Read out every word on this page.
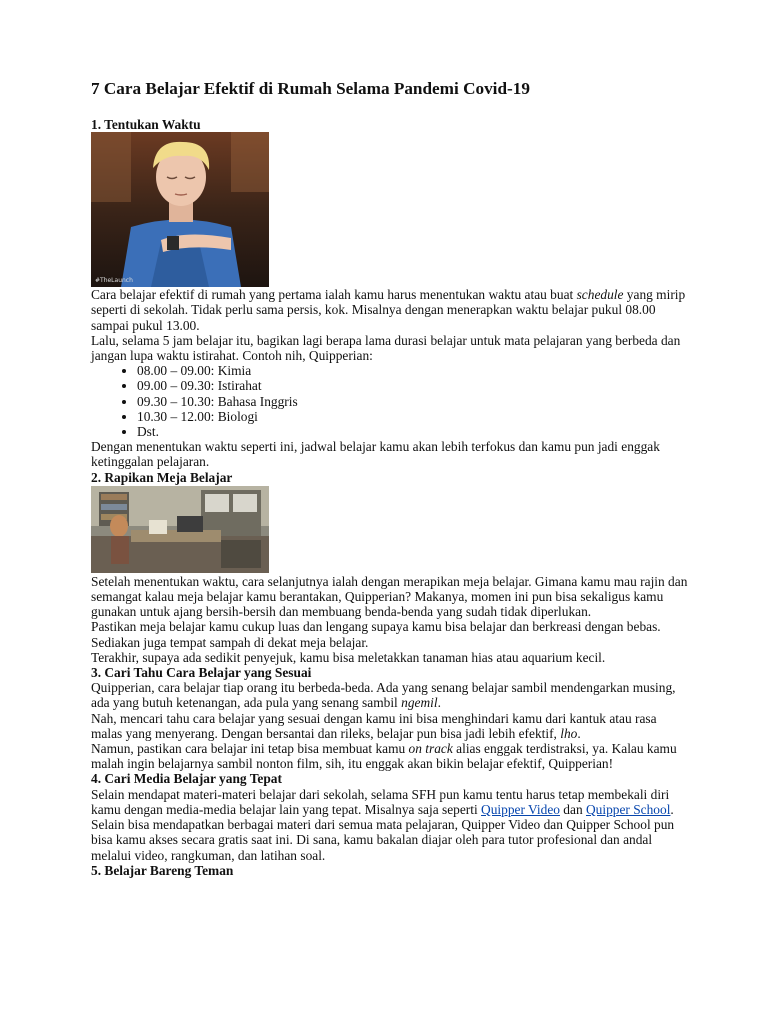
7 Cara Belajar Efektif di Rumah Selama Pandemi Covid-19
1. Tentukan Waktu
#TheLaunch

Cara belajar efektif di rumah yang pertama ialah kamu harus menentukan waktu atau buat schedule yang mirip seperti di sekolah. Tidak perlu sama persis, kok. Misalnya dengan menerapkan waktu belajar pukul 08.00 sampai pukul 13.00.

Lalu, selama 5 jam belajar itu, bagikan lagi berapa lama durasi belajar untuk mata pelajaran yang berbeda dan jangan lupa waktu istirahat. Contoh nih, Quipperian:

• 08.00 – 09.00: Kimia
• 09.00 – 09.30: Istirahat
• 09.30 – 10.30: Bahasa Inggris
• 10.30 – 12.00: Biologi
• Dst.

Dengan menentukan waktu seperti ini, jadwal belajar kamu akan lebih terfokus dan kamu pun jadi enggak ketinggalan pelajaran.

2. Rapikan Meja Belajar

Setelah menentukan waktu, cara selanjutnya ialah dengan merapikan meja belajar. Gimana kamu mau rajin dan semangat kalau meja belajar kamu berantakan, Quipperian? Makanya, momen ini pun bisa sekaligus kamu gunakan untuk ajang bersih-bersih dan membuang benda-benda yang sudah tidak diperlukan.

Pastikan meja belajar kamu cukup luas dan lengang supaya kamu bisa belajar dan berkreasi dengan bebas. Sediakan juga tempat sampah di dekat meja belajar.

Terakhir, supaya ada sedikit penyejuk, kamu bisa meletakkan tanaman hias atau aquarium kecil.

3. Cari Tahu Cara Belajar yang Sesuai

Quipperian, cara belajar tiap orang itu berbeda-beda. Ada yang senang belajar sambil mendengarkan musing, ada yang butuh ketenangan, ada pula yang senang sambil ngemil.

Nah, mencari tahu cara belajar yang sesuai dengan kamu ini bisa menghindari kamu dari kantuk atau rasa malas yang menyerang. Dengan bersantai dan rileks, belajar pun bisa jadi lebih efektif, lho.

Namun, pastikan cara belajar ini tetap bisa membuat kamu on track alias enggak terdistraksi, ya. Kalau kamu malah ingin belajarnya sambil nonton film, sih, itu enggak akan bikin belajar efektif, Quipperian!

4. Cari Media Belajar yang Tepat

Selain mendapat materi-materi belajar dari sekolah, selama SFH pun kamu tentu harus tetap membekali diri kamu dengan media-media belajar lain yang tepat. Misalnya saja seperti Quipper Video dan Quipper School.

Selain bisa mendapatkan berbagai materi dari semua mata pelajaran, Quipper Video dan Quipper School pun bisa kamu akses secara gratis saat ini. Di sana, kamu bakalan diajar oleh para tutor profesional dan andal melalui video, rangkuman, dan latihan soal.

5. Belajar Bareng Teman
